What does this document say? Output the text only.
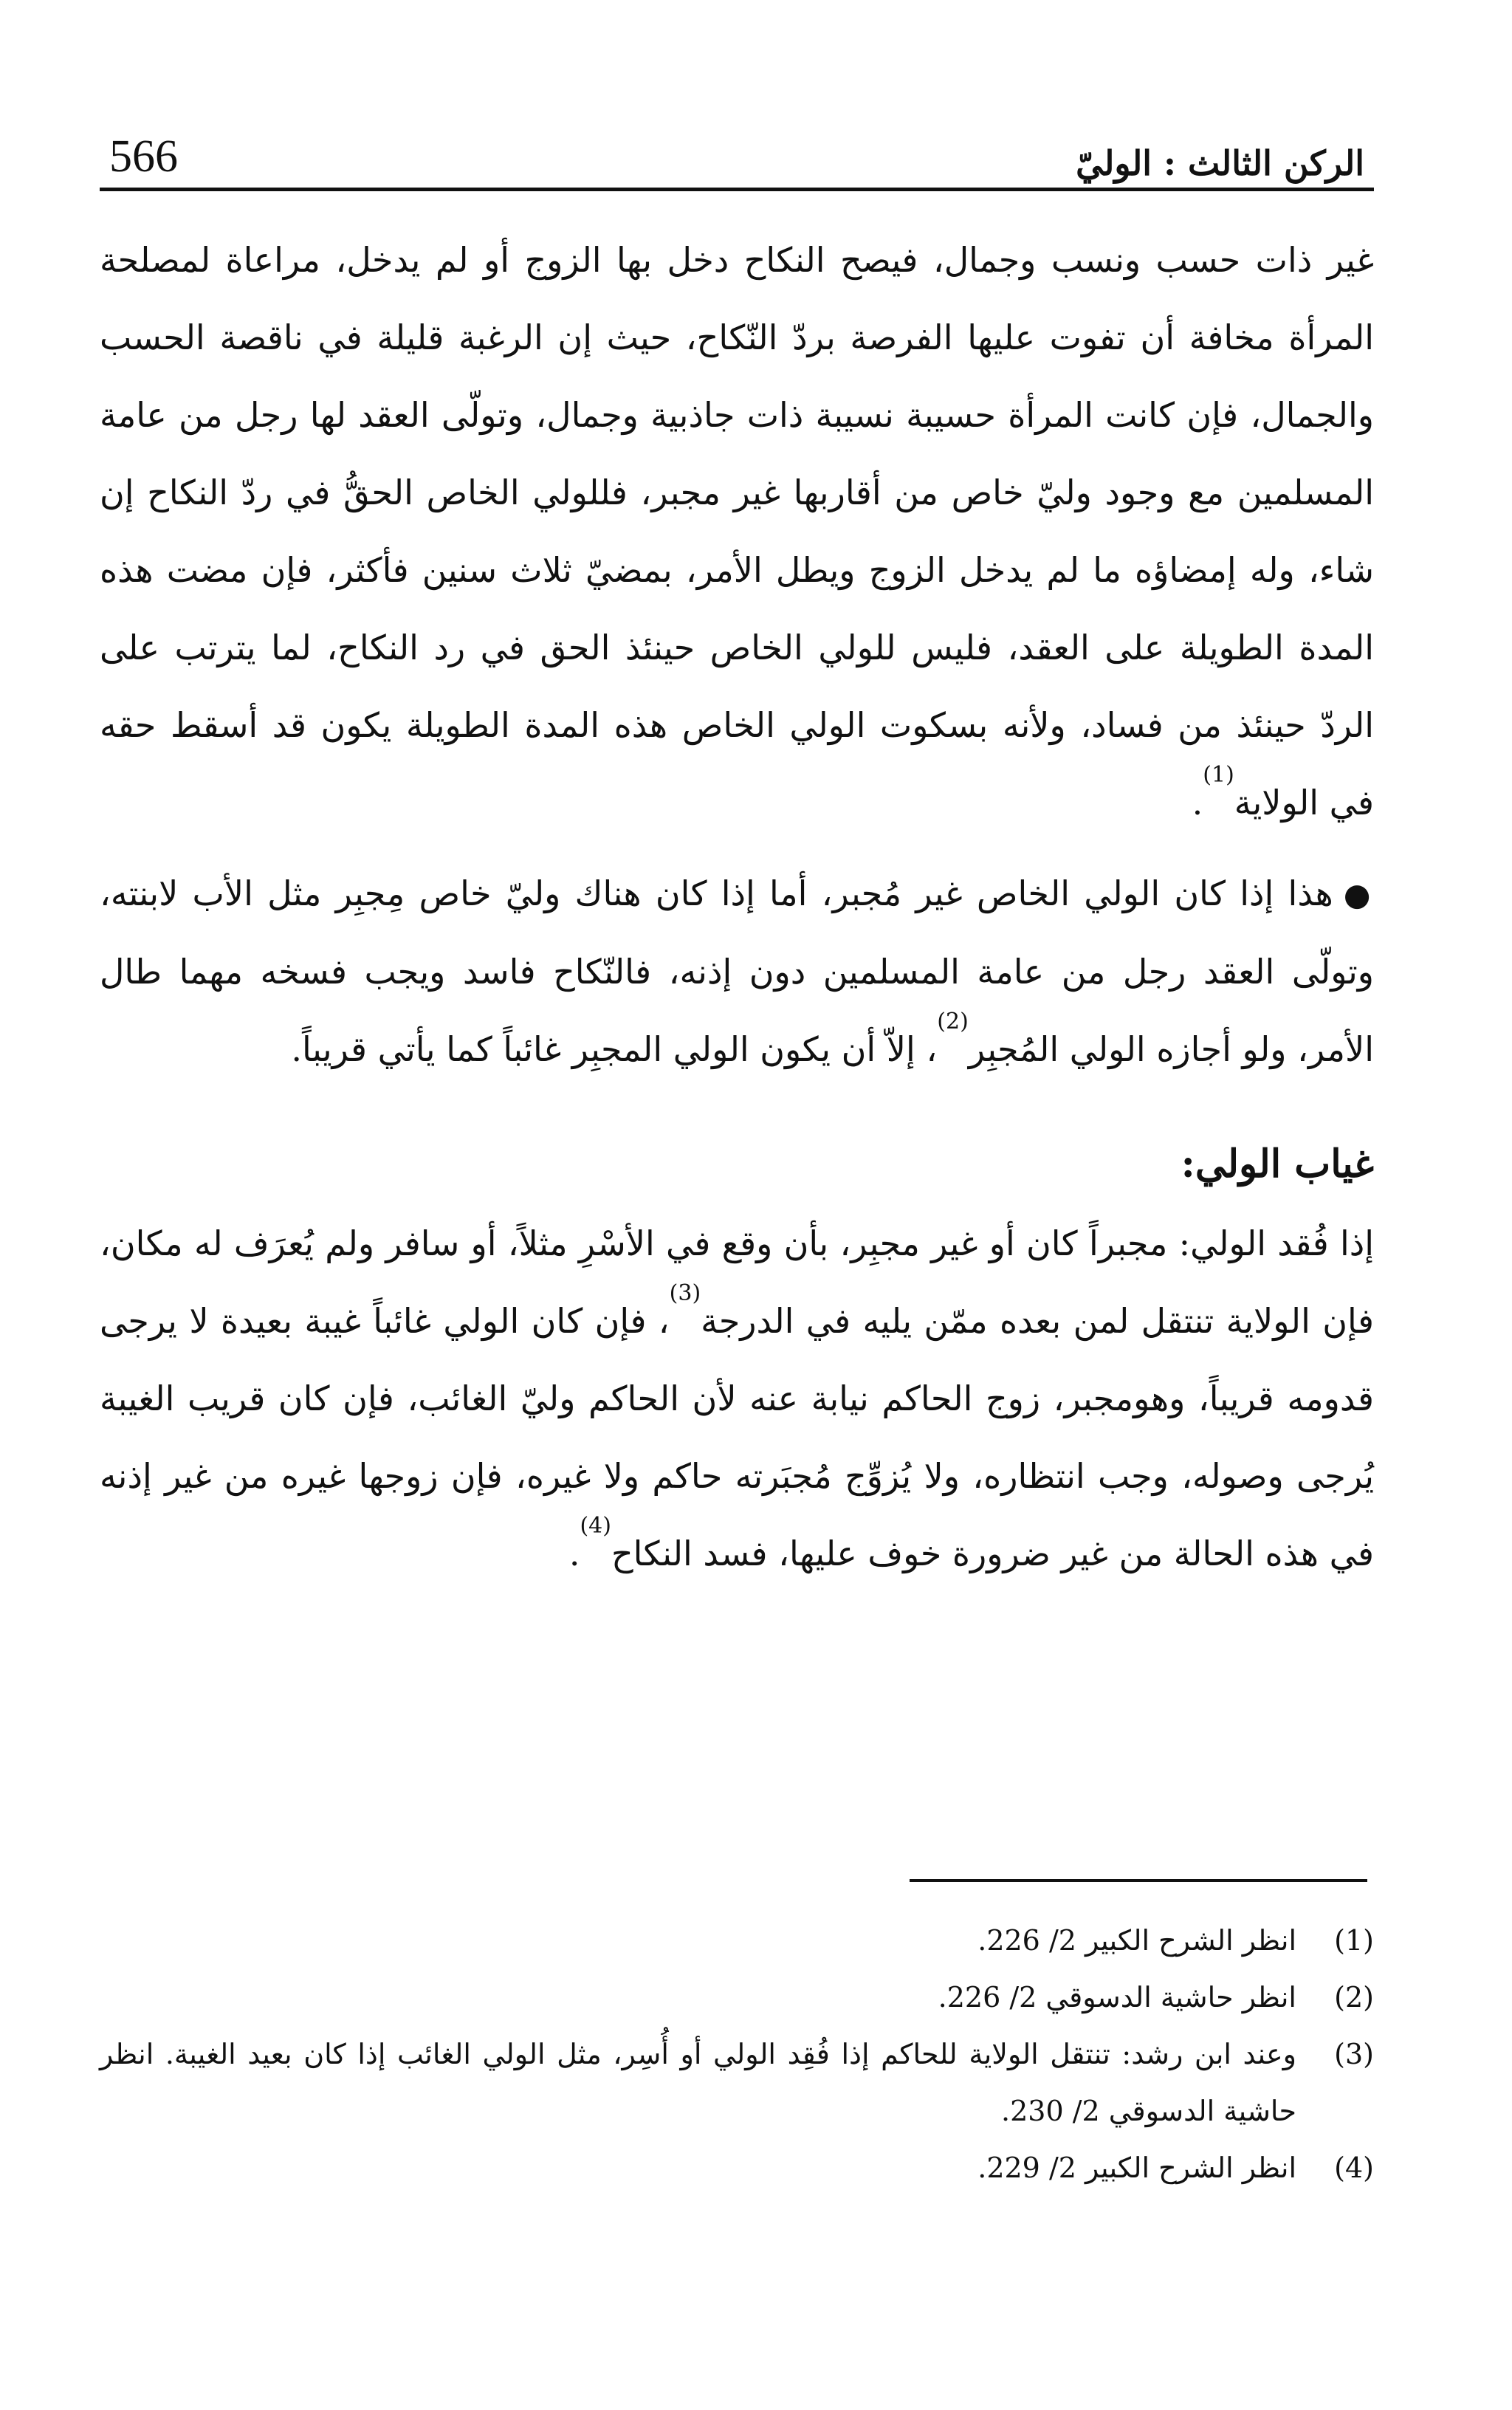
566	الركن الثالث : الوليّ

غير ذات حسب ونسب وجمال، فيصح النكاح دخل بها الزوج أو لم يدخل، مراعاة لمصلحة المرأة مخافة أن تفوت عليها الفرصة بردّ النّكاح، حيث إن الرغبة قليلة في ناقصة الحسب والجمال، فإن كانت المرأة حسيبة نسيبة ذات جاذبية وجمال، وتولّى العقد لها رجل من عامة المسلمين مع وجود وليّ خاص من أقاربها غير مجبر، فللولي الخاص الحقُّ في ردّ النكاح إن شاء، وله إمضاؤه ما لم يدخل الزوج ويطل الأمر، بمضيّ ثلاث سنين فأكثر، فإن مضت هذه المدة الطويلة على العقد، فليس للولي الخاص حينئذ الحق في رد النكاح، لما يترتب على الردّ حينئذ من فساد، ولأنه بسكوت الولي الخاص هذه المدة الطويلة يكون قد أسقط حقه في الولاية$^{(1)}$.

●هذا إذا كان الولي الخاص غير مُجبر، أما إذا كان هناك وليّ خاص مِجبِر مثل الأب لابنته، وتولّى العقد رجل من عامة المسلمين دون إذنه، فالنّكاح فاسد ويجب فسخه مهما طال الأمر، ولو أجازه الولي المُجبِر$^{(2)}$، إلاّ أن يكون الولي المجبِر غائباً كما يأتي قريباً.

غياب الولي:

إذا فُقد الولي: مجبراً كان أو غير مجبِر، بأن وقع في الأسْرِ مثلاً، أو سافر ولم يُعرَف له مكان، فإن الولاية تنتقل لمن بعده ممّن يليه في الدرجة$^{(3)}$، فإن كان الولي غائباً غيبة بعيدة لا يرجى قدومه قريباً، وهومجبر، زوج الحاكم نيابة عنه لأن الحاكم وليّ الغائب، فإن كان قريب الغيبة يُرجى وصوله، وجب انتظاره، ولا يُزوِّج مُجبَرته حاكم ولا غيره، فإن زوجها غيره من غير إذنه في هذه الحالة من غير ضرورة خوف عليها، فسد النكاح$^{(4)}$.

(1)
انظر الشرح الكبير 2/ 226.
(2)
انظر حاشية الدسوقي 2/ 226.
(3)
وعند ابن رشد: تنتقل الولاية للحاكم إذا فُقِد الولي أو أُسِر، مثل الولي الغائب إذا كان بعيد الغيبة. انظر حاشية الدسوقي 2/ 230.
(4)
انظر الشرح الكبير 2/ 229.
